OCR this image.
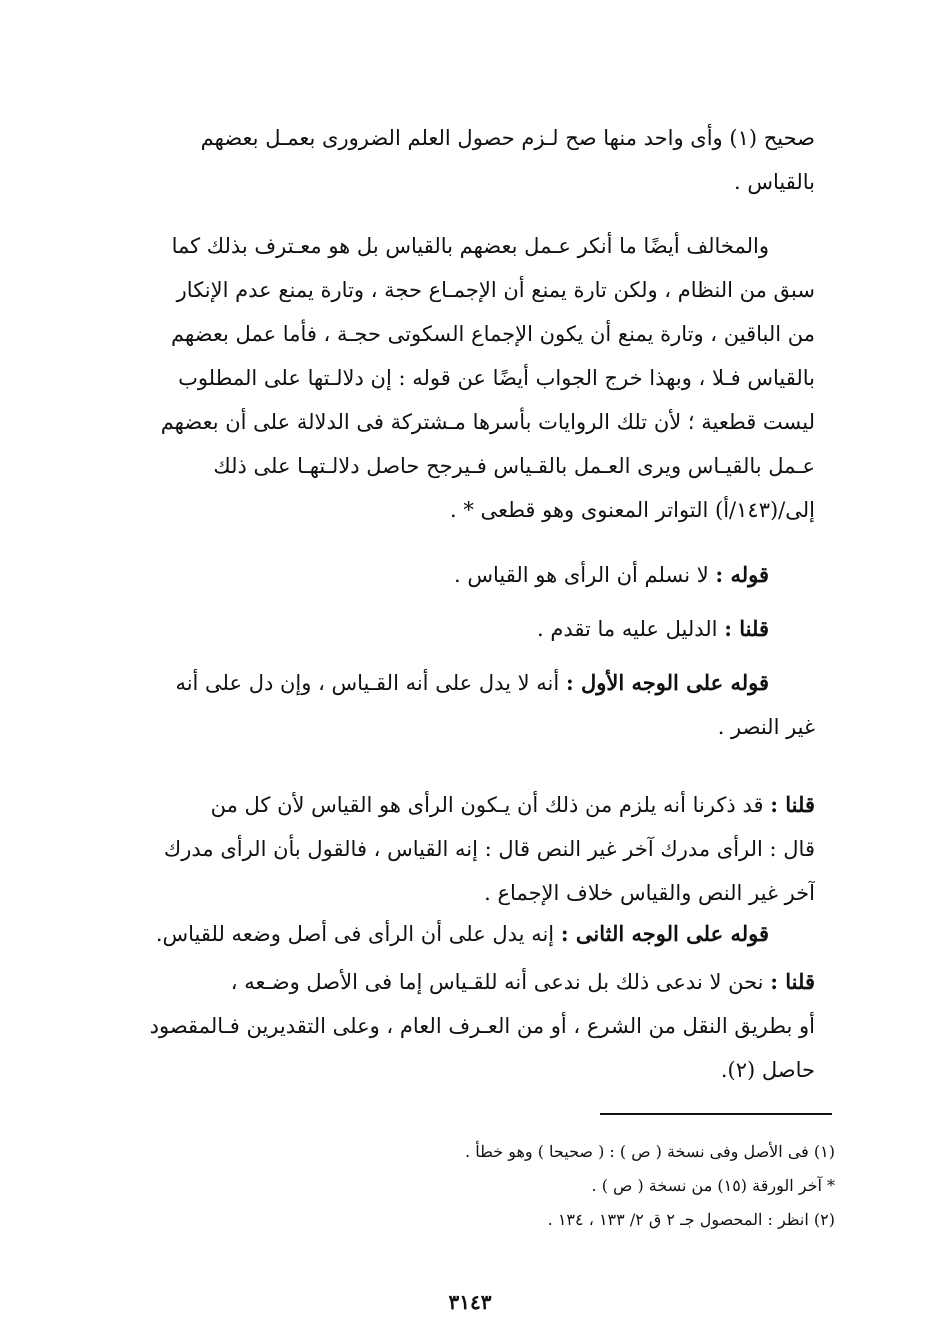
صحيح (١) وأى واحد منها صح لـزم حصول العلم الضرورى بعمـل بعضهم
بالقياس .
والمخالف أيضًا ما أنكر عـمل بعضهم بالقياس بل هو معـترف بذلك كما
سبق من النظام ، ولكن تارة يمنع أن الإجمـاع حجة ، وتارة يمنع عدم الإنكار
من الباقين ، وتارة يمنع أن يكون الإجماع السكوتى حجـة ، فأما عمل بعضهم
بالقياس فـلا ، وبهذا خرج الجواب أيضًا عن قوله : إن دلالـتها على المطلوب
ليست قطعية ؛ لأن تلك الروايات بأسرها مـشتركة فى الدلالة على أن بعضهم
عـمل بالقيـاس ويرى العـمل بالقـياس فـيرجح حاصل دلالـتهـا على ذلك
إلى/(١٤٣/أ) التواتر المعنوى وهو قطعى * .
قوله : لا نسلم أن الرأى هو القياس .
قلنا : الدليل عليه ما تقدم .
قوله على الوجه الأول : أنه لا يدل على أنه القـياس ، وإن دل على أنه
غير النصر .
قلنا : قد ذكرنا أنه يلزم من ذلك أن يـكون الرأى هو القياس لأن كل من
قال : الرأى مدرك آخر غير النص قال : إنه القياس ، فالقول بأن الرأى مدرك
آخر غير النص والقياس خلاف الإجماع .
قوله على الوجه الثانى : إنه يدل على أن الرأى فى أصل وضعه للقياس.
قلنا : نحن لا ندعى ذلك بل ندعى أنه للقـياس إما فى الأصل وضـعه ،
أو بطريق النقل من الشرع ، أو من العـرف العام ، وعلى التقديرين فـالمقصود
حاصل (٢).
(١) فى الأصل وفى نسخة ( ص ) : ( صحيحا ) وهو خطأ .
* آخر الورقة (١٥) من نسخة ( ص ) .
(٢) انظر : المحصول جـ ٢ ق ٢/ ١٣٣ ، ١٣٤ .
٣١٤٣
